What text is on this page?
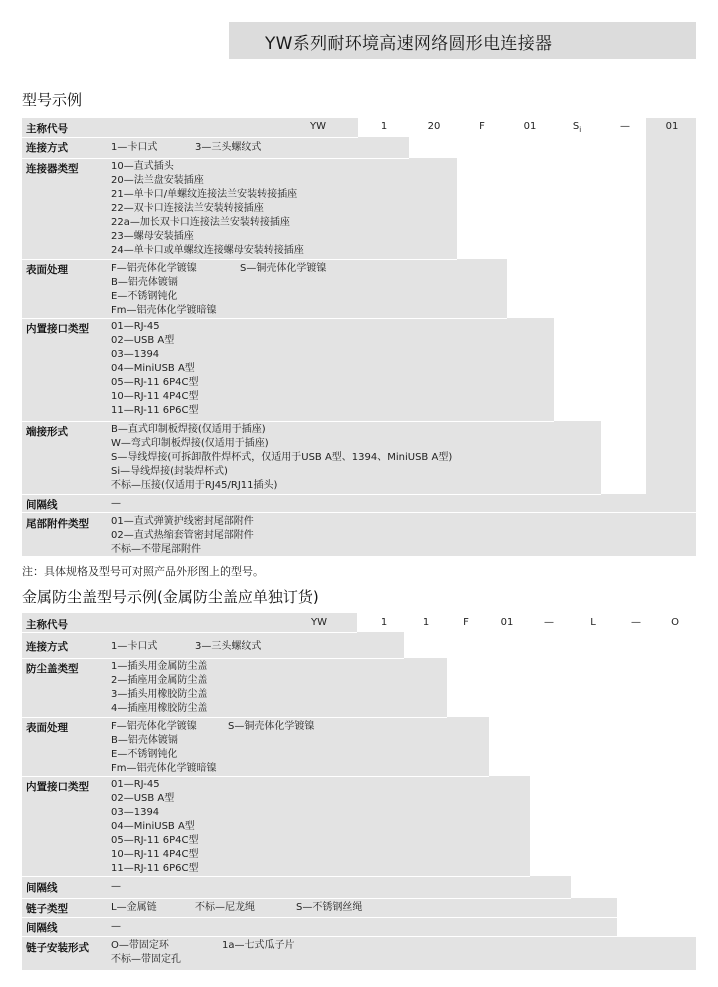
YW系列耐环境高速网络圆形电连接器
型号示例
主称代号	YW	1	20	F	01	$S_i$	—	01
连接方式	1—卡口式	3—三头螺纹式
连接器类型	10—直式插头
20—法兰盘安装插座
21—单卡口/单螺纹连接法兰安装转接插座
22—双卡口连接法兰安装转接插座
22a—加长双卡口连接法兰安装转接插座
23—螺母安装插座
24—单卡口或单螺纹连接螺母安装转接插座
表面处理	F—铝壳体化学镀镍	S—铜壳体化学镀镍
B—铝壳体镀镉
E—不锈钢钝化
Fm—铝壳体化学镀暗镍
内置接口类型 01—RJ-45
02—USB A型
03—1394
04—MiniUSB A型
05—RJ-11 6P4C型
10—RJ-11 4P4C型
11—RJ-11 6P6C型
端接形式	B—直式印制板焊接(仅适用于插座)
W—弯式印制板焊接(仅适用于插座)
S—导线焊接(可拆卸散件焊杯式，仅适用于USB A型、1394、MiniUSB A型)
Si—导线焊接(封装焊杯式)
不标—压接(仅适用于RJ45/RJ11插头)
间隔线	—
尾部附件类型 01—直式弹簧护线密封尾部附件
02—直式热缩套管密封尾部附件
不标—不带尾部附件
注：具体规格及型号可对照产品外形图上的型号。
金属防尘盖型号示例(金属防尘盖应单独订货)
主称代号	YW	1	1	F	01	—	L	—	O
连接方式	1—卡口式	3—三头螺纹式
防尘盖类型	1—插头用金属防尘盖
2—插座用金属防尘盖
3—插头用橡胶防尘盖
4—插座用橡胶防尘盖
表面处理	F—铝壳体化学镀镍	S—铜壳体化学镀镍
B—铝壳体镀镉
E—不锈钢钝化
Fm—铝壳体化学镀暗镍
内置接口类型 01—RJ-45
02—USB A型
03—1394
04—MiniUSB A型
05—RJ-11 6P4C型
10—RJ-11 4P4C型
11—RJ-11 6P6C型
间隔线	—
链子类型	L—金属链	不标—尼龙绳	S—不锈钢丝绳
间隔线	—
链子安装形式 O—带固定环	1a—七式瓜子片
不标—带固定孔
